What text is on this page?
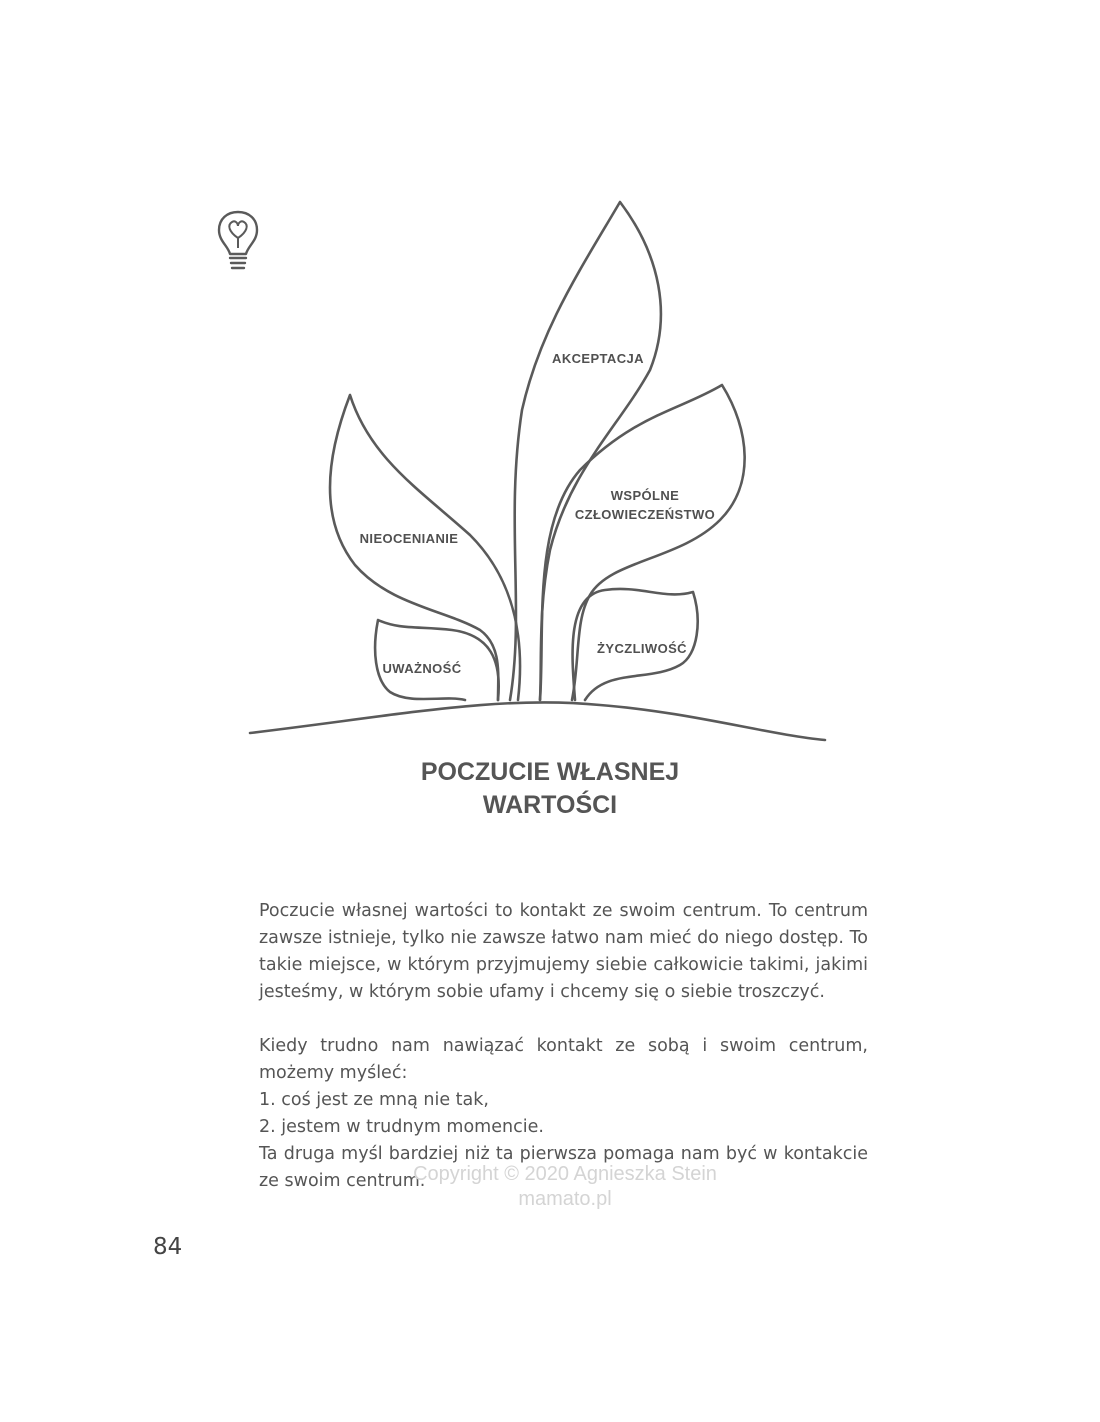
AKCEPTACJA
NIEOCENIANIE
WSPÓLNE
CZŁOWIECZEŃSTWO
UWAŻNOŚĆ
ŻYCZLIWOŚĆ
POCZUCIE WŁASNEJ
WARTOŚCI

Poczucie własnej wartości to kontakt ze swoim centrum. To centrum zawsze istnieje, tylko nie zawsze łatwo nam mieć do niego dostęp. To takie miejsce, w którym przyjmujemy siebie całkowicie takimi, jakimi jesteśmy, w którym sobie ufamy i chcemy się o siebie troszczyć.

Kiedy trudno nam nawiązać kontakt ze sobą i swoim centrum, możemy myśleć:

1. coś jest ze mną nie tak,

2. jestem w trudnym momencie.

Ta druga myśl bardziej niż ta pierwsza pomaga nam być w kontakcie ze swoim centrum.

Copyright © 2020 Agnieszka Stein
mamato.pl
84
